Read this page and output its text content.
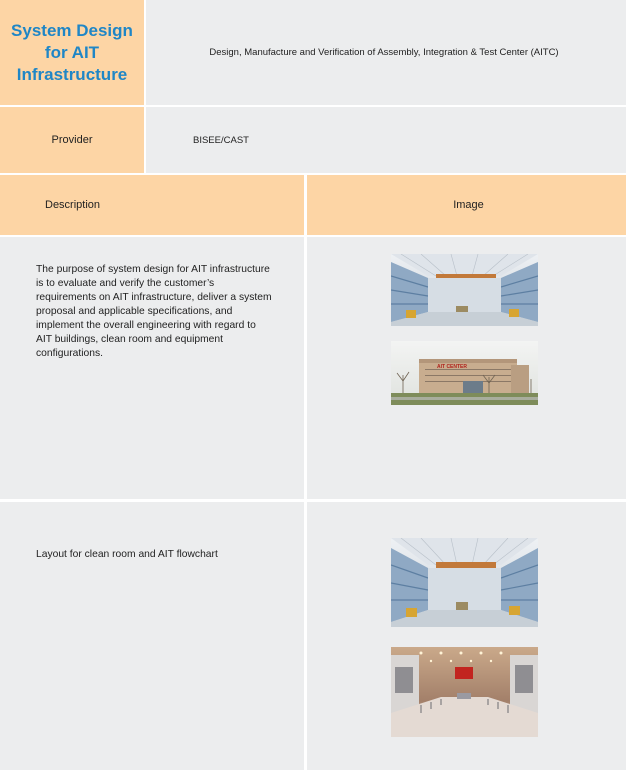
System Design for AIT Infrastructure
Design, Manufacture and Verification of Assembly, Integration & Test Center (AITC)
Provider	BISEE/CAST
Description	Image
The purpose of system design for AIT infrastructure is to evaluate and verify the customer’s requirements on AIT infrastructure, deliver a system proposal and applicable specifications, and implement the overall engineering with regard to AIT buildings, clean room and equipment configurations.
AIT CENTER
Layout for clean room and AIT flowchart
